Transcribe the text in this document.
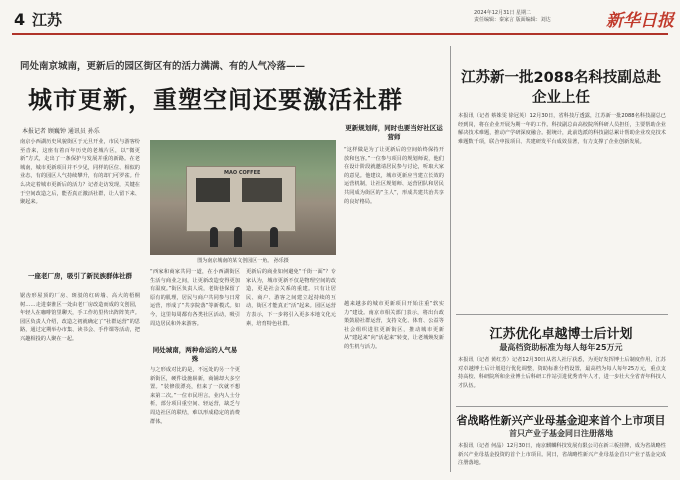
4 江苏	2024年12月31日 星期二
责任编辑：秦家言 版面编辑：刘达	新华日报
同处南京城南，更新后的园区街区有的活力满满、有的人气冷落——
城市更新，重塑空间还要激活社群
本报记者 顾巍钟 通讯员 孙乐
南京小西湖历史风貌街区于元旦开业，市民与游客纷至沓来，这座有着百年历史的老城片区，以“微更新”方式，走出了一条保护与发展并重的新路。在老城南，城市更新项目并不少见，同样的区位、相似的业态，有的园区人气持续攀升，有的却门可罗雀。什么决定着城市更新后的活力？记者走访发现，关键在于空间改造之后，能否真正激活社群，让人留下来、聚起来。
一座老厂房，吸引了新民族群体社群
锯齿形屋顶的厂房、斑驳的红砖墙、高大的梧桐树……走进秦淮区一处由老厂房改造而成的文创园，年轻人在咖啡馆里聊天，手工作坊里传出阵阵笑声。园区负责人介绍，改造之初就确定了“社群运营”的思路，通过定期举办市集、读书会、手作课等活动，把兴趣相投的人聚在一起。
MAO COFFEE
图为南京城南的某文创园区一角。 孙乐摄
“西家和商家共同一道，在小西湖街区生活与商业之间，让更新改造变得更加有温度。”街区负责人说，老街巷保留了原有的肌理，居民与商户共同参与日常运营，形成了“共享院落”等新模式。如今，这里每周都有各类社区活动，吸引周边居民和外来游客。
同处城南，两种命运的人气易殊
与之形成对比的是，不远处的另一个更新街区，硬件设施崭新，商铺却大多空置。“装修很漂亮，但来了一次就不想来第二次。”一位市民坦言。业内人士分析，部分项目重空间、轻运营，缺乏与周边社区的联结，难以形成稳定的消费群体。
更新后的商业如何避免“千街一面”？专家认为，城市更新不仅是物理空间的改造，更是社会关系的重建。只有让居民、商户、游客之间建立起持续的互动，街区才能真正“活”起来。园区运营方表示，下一步将引入更多本地文化元素，培育特色社群。
更新规划师，同时也要当好社区运营师
“这样做是为了让更新后的空间始终保持开放和包容。”一位参与项目的规划师说，他们在设计阶段就邀请居民参与讨论，听取大家的意见。他建议，城市更新应当建立长效的运营机制，让社区规划师、运营团队和居民共同成为街区的“主人”，形成共建共治共享的良好格局。
越来越多的城市更新项目开始注重“软实力”建设。南京市相关部门表示，将出台政策鼓励社群运营，支持文化、体育、公益等社会组织进驻更新街区，推动城市更新从“建起来”向“活起来”转变，让老城焕发新的生机与活力。
江苏新一批2088名科技副总赴企业上任
本报讯（记者 蔡姝雯 徐冠英）12月30日，省科技厅透露，江苏新一批2088名科技副总已经到岗，将在企业开展为期一年的工作。科技副总由高校院所科研人员担任，主要帮助企业解决技术难题，推动产学研深度融合。据统计，此前选派的科技副总累计帮助企业攻克技术难题数千项，联合申报项目、共建研发平台成效显著，有力支撑了企业创新发展。
江苏优化卓越博士后计划
最高档资助标准为每人每年25万元
本报讯（记者 黄红芳）记者12月30日从省人社厅获悉，为更好发挥博士后制度作用，江苏对卓越博士后计划进行优化调整，资助标准分档设置，最高档为每人每年25万元，重点支持高校、科研院所和企业博士后科研工作站引进优秀青年人才，进一步壮大全省青年科技人才队伍。
省战略性新兴产业母基金迎来首个上市项目
首只产业子基金同日注册落地
本报讯（记者 何晶）12月30日，南京麒麟科技发展有限公司在新三板挂牌，成为省战略性新兴产业母基金投资的首个上市项目。同日，省战略性新兴产业母基金首只产业子基金完成注册落地。
